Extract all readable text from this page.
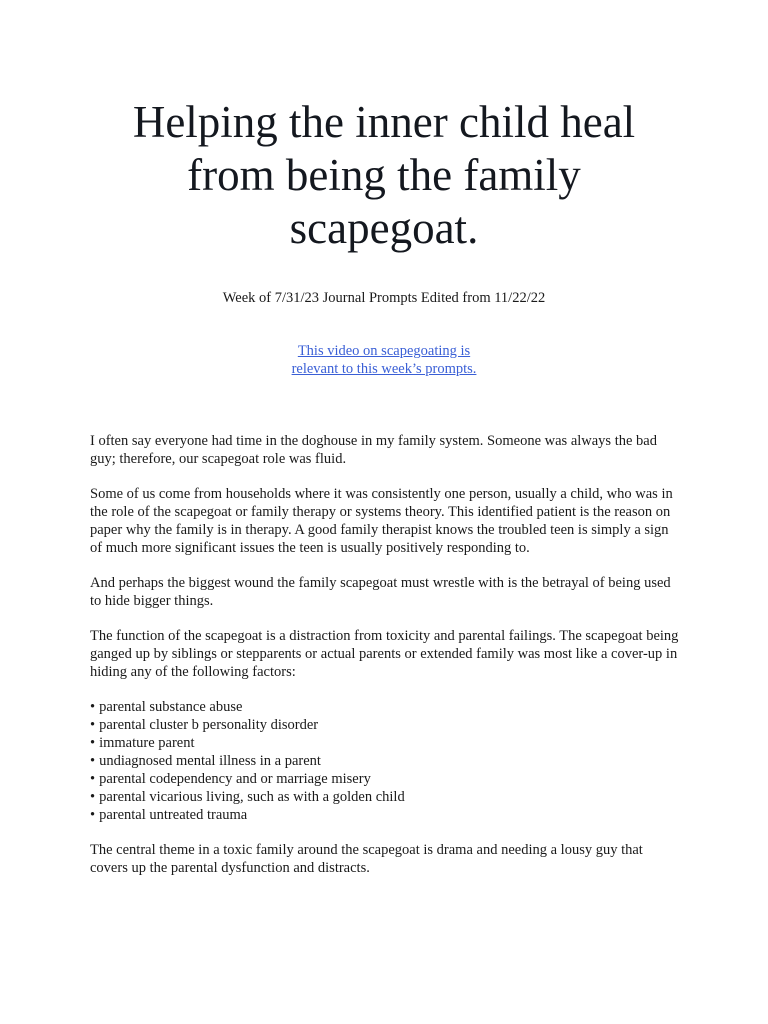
Helping the inner child heal from being the family scapegoat.

Week of 7/31/23 Journal Prompts Edited from 11/22/22

This video on scapegoating is
relevant to this week’s prompts.

I often say everyone had time in the doghouse in my family system. Someone was always the bad guy; therefore, our scapegoat role was fluid.

Some of us come from households where it was consistently one person, usually a child, who was in the role of the scapegoat or family therapy or systems theory. This identified patient is the reason on paper why the family is in therapy. A good family therapist knows the troubled teen is simply a sign of much more significant issues the teen is usually positively responding to.

And perhaps the biggest wound the family scapegoat must wrestle with is the betrayal of being used to hide bigger things.

The function of the scapegoat is a distraction from toxicity and parental failings. The scapegoat being ganged up by siblings or stepparents or actual parents or extended family was most like a cover-up in hiding any of the following factors:

• parental substance abuse
• parental cluster b personality disorder
• immature parent
• undiagnosed mental illness in a parent
• parental codependency and or marriage misery
• parental vicarious living, such as with a golden child
• parental untreated trauma

The central theme in a toxic family around the scapegoat is drama and needing a lousy guy that covers up the parental dysfunction and distracts.
